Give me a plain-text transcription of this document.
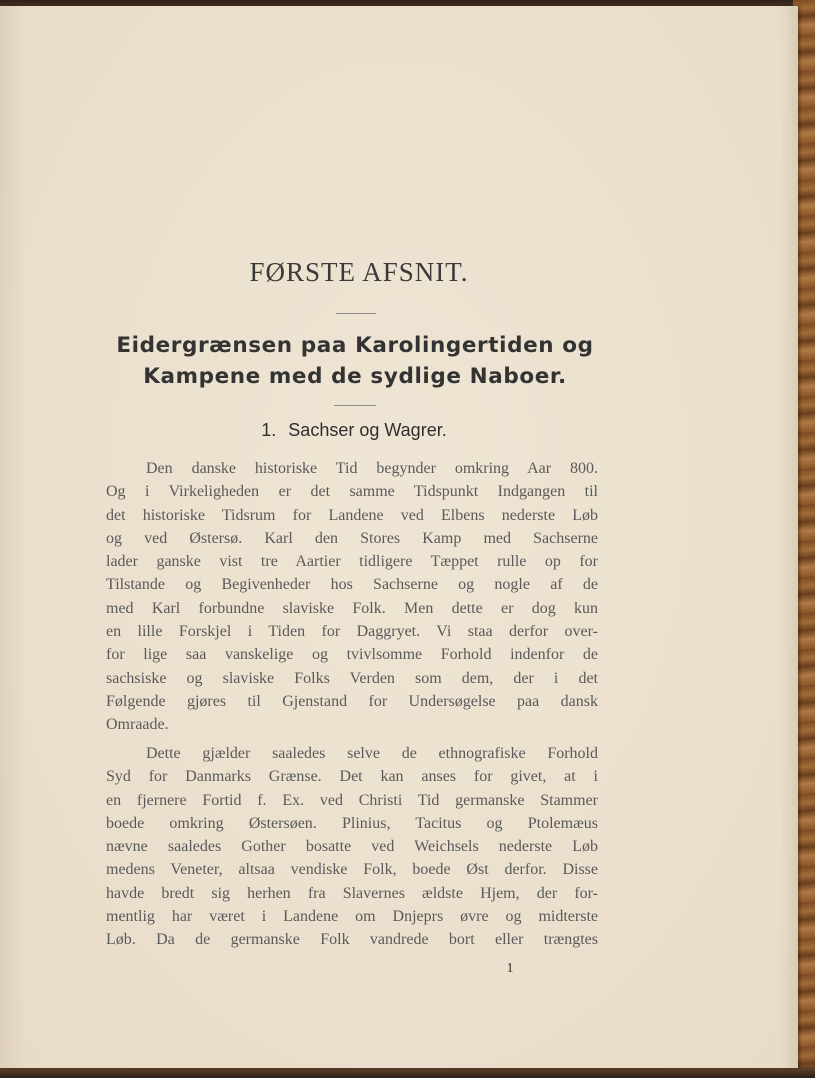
FØRSTE AFSNIT.
Eidergrænsen paa Karolingertiden og
Kampene med de sydlige Naboer.
1. Sachser og Wagrer.
Den danske historiske Tid begynder omkring Aar 800.
Og i Virkeligheden er det samme Tidspunkt Indgangen til
det historiske Tidsrum for Landene ved Elbens nederste Løb
og ved Østersø. Karl den Stores Kamp med Sachserne
lader ganske vist tre Aartier tidligere Tæppet rulle op for
Tilstande og Begivenheder hos Sachserne og nogle af de
med Karl forbundne slaviske Folk. Men dette er dog kun
en lille Forskjel i Tiden for Daggryet. Vi staa derfor over-
for lige saa vanskelige og tvivlsomme Forhold indenfor de
sachsiske og slaviske Folks Verden som dem, der i det
Følgende gjøres til Gjenstand for Undersøgelse paa dansk
Omraade.
Dette gjælder saaledes selve de ethnografiske Forhold
Syd for Danmarks Grænse. Det kan anses for givet, at i
en fjernere Fortid f. Ex. ved Christi Tid germanske Stammer
boede omkring Østersøen. Plinius, Tacitus og Ptolemæus
nævne saaledes Gother bosatte ved Weichsels nederste Løb
medens Veneter, altsaa vendiske Folk, boede Øst derfor. Disse
havde bredt sig herhen fra Slavernes ældste Hjem, der for-
mentlig har været i Landene om Dnjeprs øvre og midterste
Løb. Da de germanske Folk vandrede bort eller trængtes
1
